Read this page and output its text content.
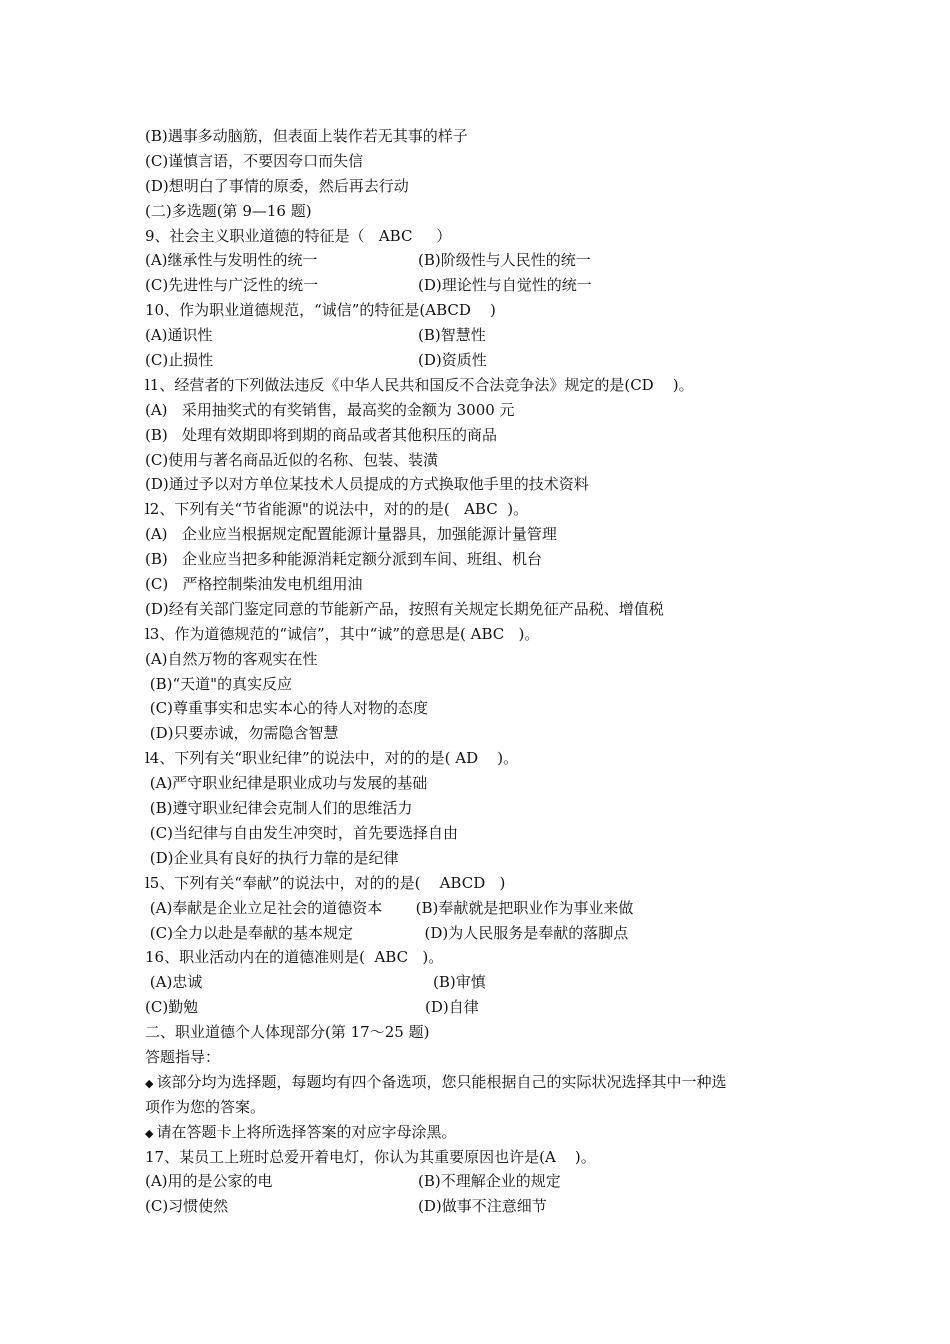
(B)遇事多动脑筋，但表面上装作若无其事的样子
(C)谨慎言语，不要因夸口而失信
(D)想明白了事情的原委，然后再去行动
(二)多选题(第 9—16 题)
9、社会主义职业道德的特征是（   ABC     ）
(A)继承性与发明性的统一	(B)阶级性与人民性的统一
(C)先进性与广泛性的统一	(D)理论性与自觉性的统一
10、作为职业道德规范，“诚信”的特征是(ABCD    )
(A)通识性	(B)智慧性
(C)止损性	(D)资质性
l1、经营者的下列做法违反《中华人民共和国反不合法竞争法》规定的是(CD    )。
(A)   采用抽奖式的有奖销售，最高奖的金额为 3000 元
(B)   处理有效期即将到期的商品或者其他积压的商品
(C)使用与著名商品近似的名称、包装、装潢
(D)通过予以对方单位某技术人员提成的方式换取他手里的技术资料
l2、下列有关“节省能源"的说法中，对的的是(   ABC  )。
(A)   企业应当根据规定配置能源计量器具，加强能源计量管理
(B)   企业应当把多种能源消耗定额分派到车间、班组、机台
(C)   严格控制柴油发电机组用油
(D)经有关部门鉴定同意的节能新产品，按照有关规定长期免征产品税、增值税
l3、作为道德规范的“诚信”，其中“诚”的意思是( ABC   )。
(A)自然万物的客观实在性
(B)“天道"的真实反应
(C)尊重事实和忠实本心的待人对物的态度
(D)只要赤诚，勿需隐含智慧
l4、下列有关“职业纪律”的说法中，对的的是( AD    )。
(A)严守职业纪律是职业成功与发展的基础
(B)遵守职业纪律会克制人们的思维活力
(C)当纪律与自由发生冲突时，首先要选择自由
(D)企业具有良好的执行力靠的是纪律
l5、下列有关“奉献”的说法中，对的的是(    ABCD   )
(A)奉献是企业立足社会的道德资本       (B)奉献就是把职业作为事业来做
(C)全力以赴是奉献的基本规定               (D)为人民服务是奉献的落脚点
16、职业活动内在的道德准则是(  ABC   )。
(A)忠诚	(B)审慎
(C)勤勉	(D)自律
二、职业道德个人体现部分(第 17～25 题)
答题指导：
◆ 该部分均为选择题，每题均有四个备选项，您只能根据自己的实际状况选择其中一种选
项作为您的答案。
◆ 请在答题卡上将所选择答案的对应字母涂黑。
17、某员工上班时总爱开着电灯，你认为其重要原因也许是(A    )。
(A)用的是公家的电	(B)不理解企业的规定
(C)习惯使然	(D)做事不注意细节
